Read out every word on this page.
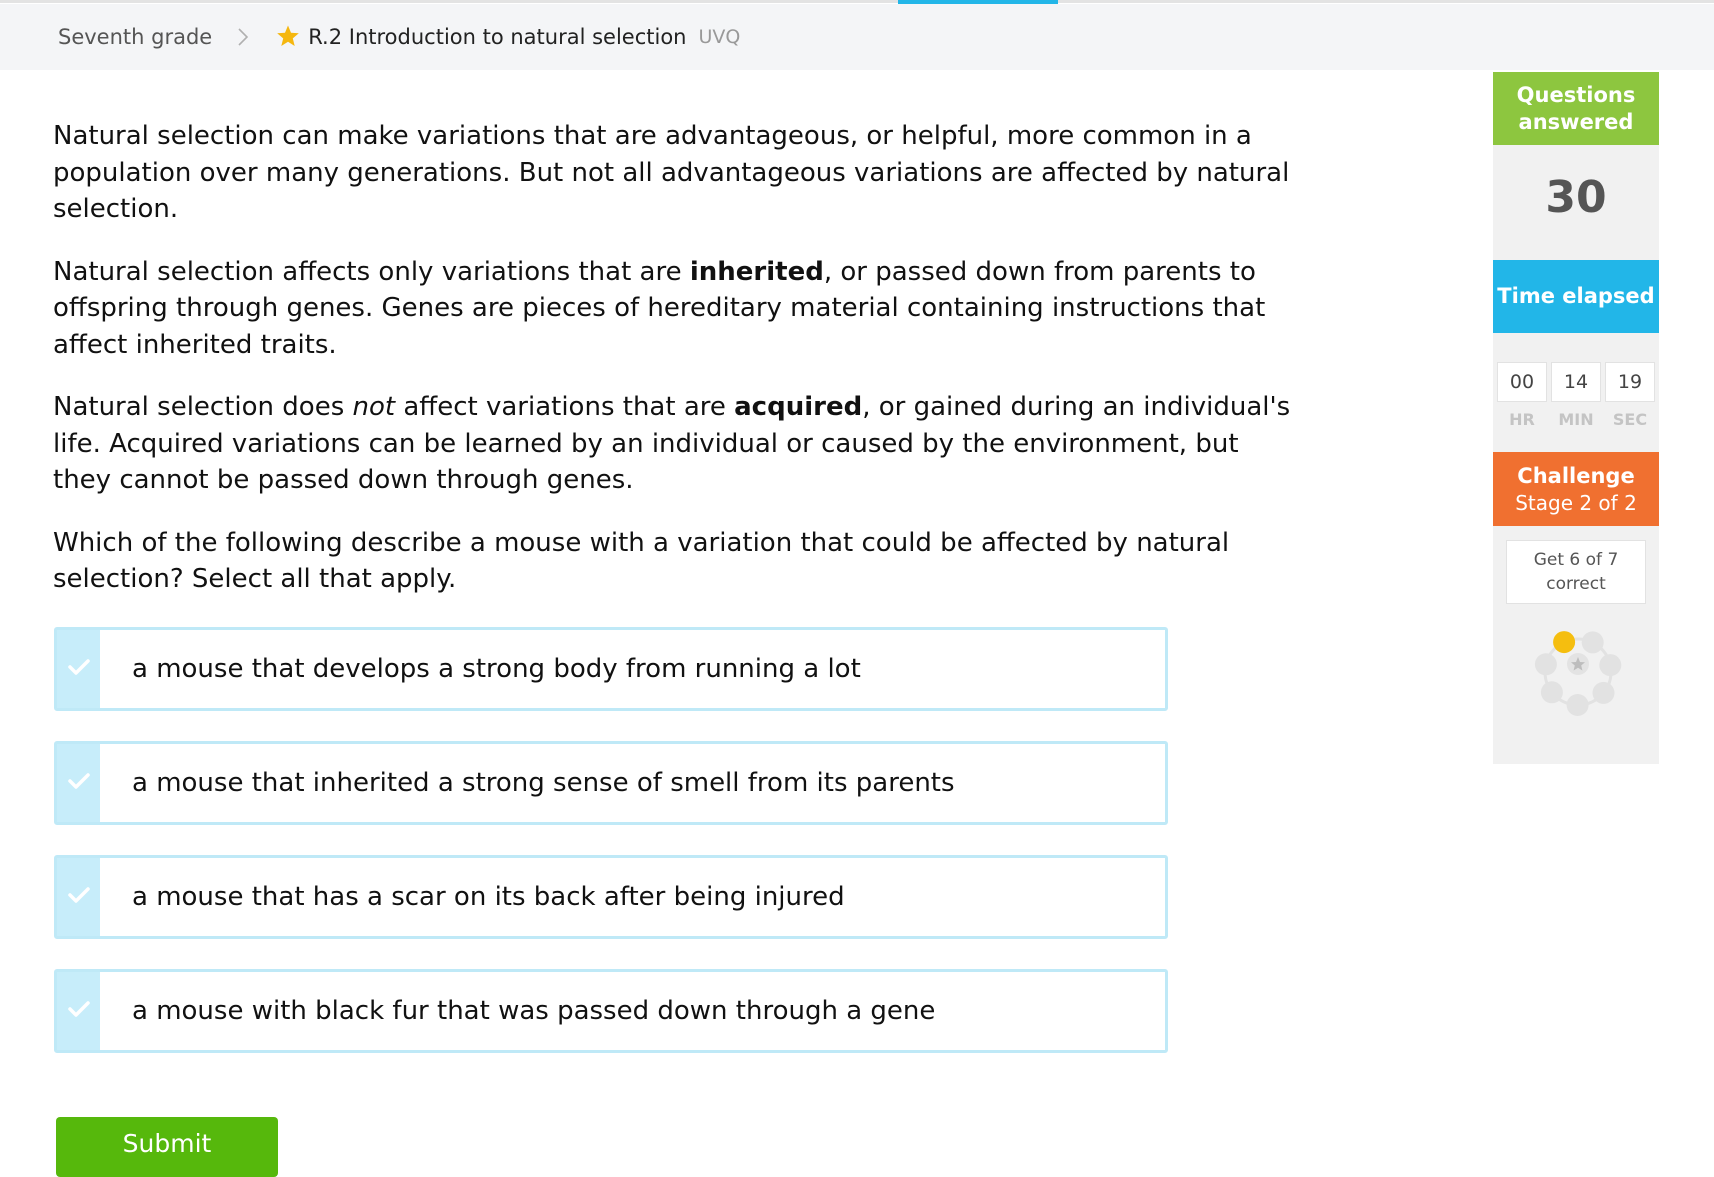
Seventh grade	R.2 Introduction to natural selection UVQ

Natural selection can make variations that are advantageous, or helpful, more common in a population over many generations. But not all advantageous variations are affected by natural selection.

Natural selection affects only variations that are inherited, or passed down from parents to offspring through genes. Genes are pieces of hereditary material containing instructions that affect inherited traits.

Natural selection does not affect variations that are acquired, or gained during an individual's life. Acquired variations can be learned by an individual or caused by the environment, but they cannot be passed down through genes.

Which of the following describe a mouse with a variation that could be affected by natural selection? Select all that apply.

a mouse that develops a strong body from running a lot
a mouse that inherited a strong sense of smell from its parents
a mouse that has a scar on its back after being injured
a mouse with black fur that was passed down through a gene
Submit
Questions answered
30
Time elapsed
00
HR
14
MIN
19
SEC
Challenge
Stage 2 of 2
Get 6 of 7 correct
